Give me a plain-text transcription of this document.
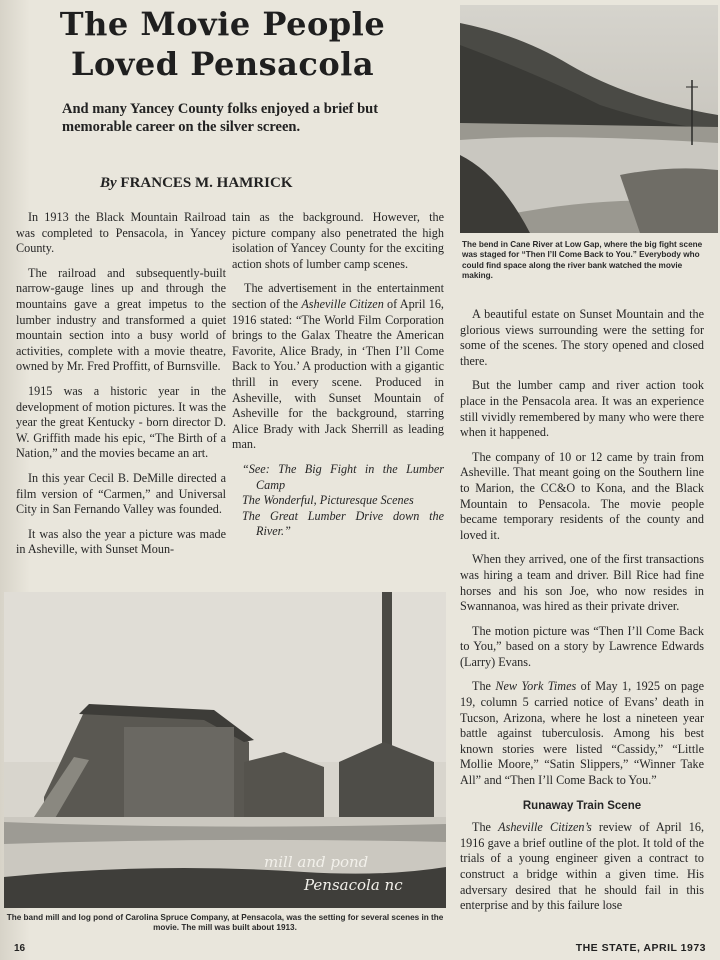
The Movie People
Loved Pensacola
And many Yancey County folks enjoyed a brief but memorable career on the silver screen.
By FRANCES M. HAMRICK

In 1913 the Black Mountain Railroad was completed to Pensacola, in Yancey County.

The railroad and subsequently-built narrow-gauge lines up and through the mountains gave a great impetus to the lumber industry and transformed a quiet mountain section into a busy world of activities, complete with a movie theatre, owned by Mr. Fred Proffitt, of Burnsville.

1915 was a historic year in the development of motion pictures. It was the year the great Kentucky - born director D. W. Griffith made his epic, “The Birth of a Nation,” and the movies became an art.

In this year Cecil B. DeMille directed a film version of “Carmen,” and Universal City in San Fernando Valley was founded.

It was also the year a picture was made in Asheville, with Sunset Moun-

tain as the background. However, the picture company also penetrated the high isolation of Yancey County for the exciting action shots of lumber camp scenes.

The advertisement in the entertainment section of the Asheville Citizen of April 16, 1916 stated: “The World Film Corporation brings to the Galax Theatre the American Favorite, Alice Brady, in ‘Then I’ll Come Back to You.’ A production with a gigantic thrill in every scene. Produced in Asheville, with Sunset Mountain of Asheville for the background, starring Alice Brady with Jack Sherrill as leading man.

“See: The Big Fight in the Lumber Camp
The Wonderful, Picturesque Scenes
The Great Lumber Drive down the River.”
The bend in Cane River at Low Gap, where the big fight scene was staged for “Then I’ll Come Back to You.” Everybody who could find space along the river bank watched the movie making.

A beautiful estate on Sunset Mountain and the glorious views surrounding were the setting for some of the scenes. The story opened and closed there.

But the lumber camp and river action took place in the Pensacola area. It was an experience still vividly remembered by many who were there when it happened.

The company of 10 or 12 came by train from Asheville. That meant going on the Southern line to Marion, the CC&O to Kona, and the Black Mountain to Pensacola. The movie people became temporary residents of the county and loved it.

When they arrived, one of the first transactions was hiring a team and driver. Bill Rice had fine horses and his son Joe, who now resides in Swannanoa, was hired as their private driver.

The motion picture was “Then I’ll Come Back to You,” based on a story by Lawrence Edwards (Larry) Evans.

The New York Times of May 1, 1925 on page 19, column 5 carried notice of Evans’ death in Tucson, Arizona, where he lost a nineteen year battle against tuberculosis. Among his best known stories were listed “Cassidy,” “Little Mollie Moore,” “Satin Slippers,” “Winner Take All” and “Then I’ll Come Back to You.”

Runaway Train Scene

The Asheville Citizen’s review of April 16, 1916 gave a brief outline of the plot. It told of the trials of a young engineer given a contract to construct a bridge within a given time. His adversary desired that he should fail in this enterprise and by this failure lose

mill and pond
Pensacola nc
The band mill and log pond of Carolina Spruce Company, at Pensacola, was the setting for several scenes in the movie. The mill was built about 1913.
16	THE STATE, APRIL 1973
